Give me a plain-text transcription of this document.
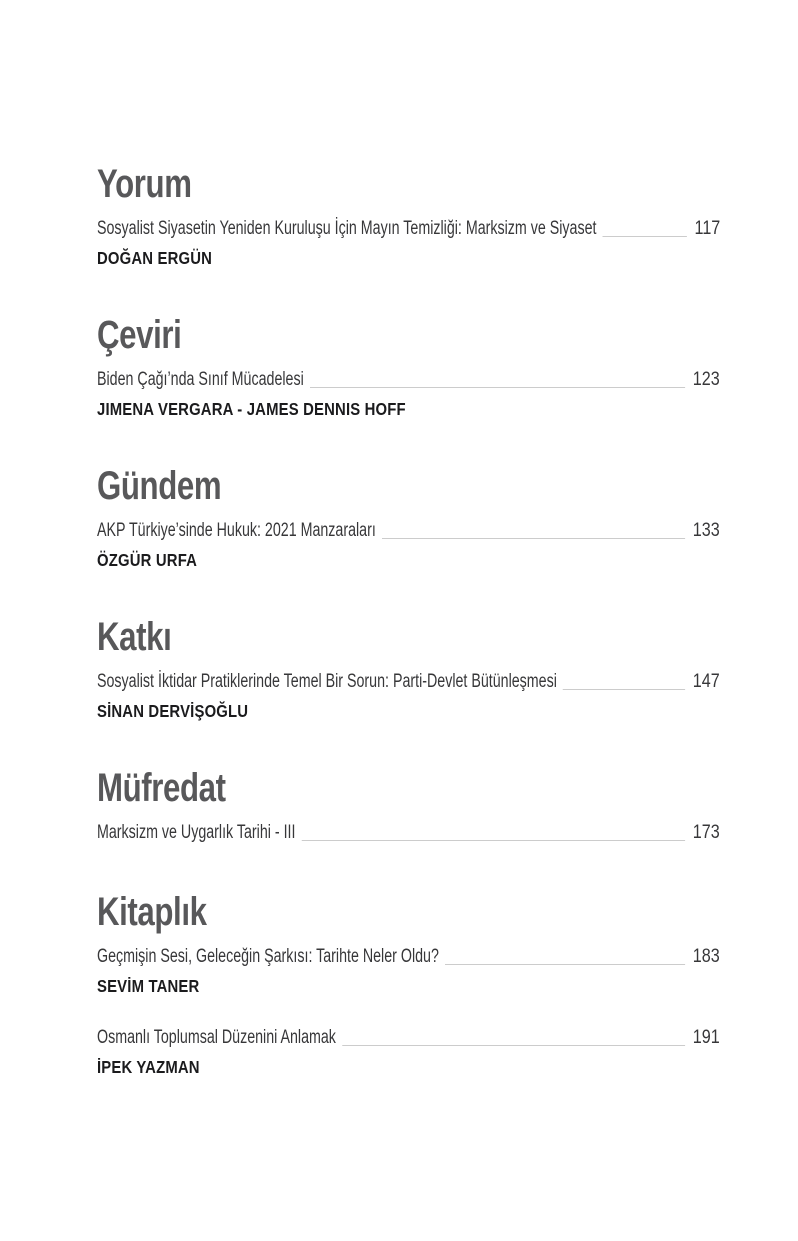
Yorum
Sosyalist Siyasetin Yeniden Kuruluşu İçin Mayın Temizliği: Marksizm ve Siyaset	117
DOĞAN ERGÜN
Çeviri
Biden Çağı’nda Sınıf Mücadelesi	123
JIMENA VERGARA - JAMES DENNIS HOFF
Gündem
AKP Türkiye’sinde Hukuk: 2021 Manzaraları	133
ÖZGÜR URFA
Katkı
Sosyalist İktidar Pratiklerinde Temel Bir Sorun: Parti-Devlet Bütünleşmesi	147
SİNAN DERVİŞOĞLU
Müfredat
Marksizm ve Uygarlık Tarihi - III	173
Kitaplık
Geçmişin Sesi, Geleceğin Şarkısı: Tarihte Neler Oldu?	183
SEVİM TANER
Osmanlı Toplumsal Düzenini Anlamak	191
İPEK YAZMAN
